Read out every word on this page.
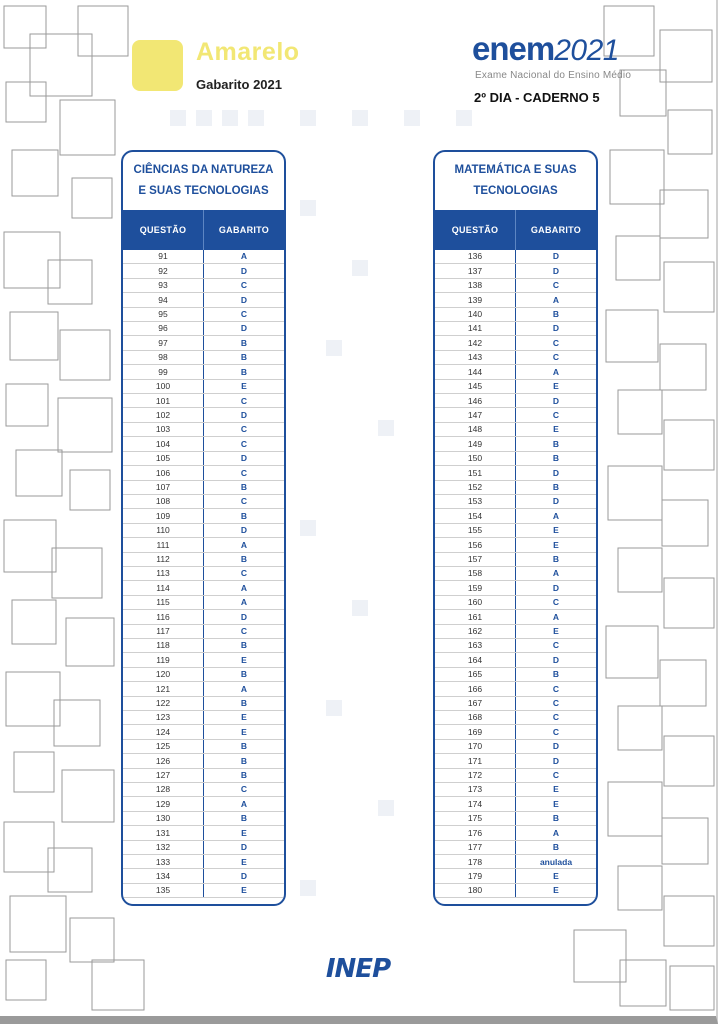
Amarelo
Gabarito 2021
enem2021
Exame Nacional do Ensino Médio
2º DIA - CADERNO 5
CIÊNCIAS DA NATUREZA
E SUAS TECNOLOGIAS
QUESTÃO	GABARITO
91	A
92	D
93	C
94	D
95	C
96	D
97	B
98	B
99	B
100	E
101	C
102	D
103	C
104	C
105	D
106	C
107	B
108	C
109	B
110	D
111	A
112	B
113	C
114	A
115	A
116	D
117	C
118	B
119	E
120	B
121	A
122	B
123	E
124	E
125	B
126	B
127	B
128	C
129	A
130	B
131	E
132	D
133	E
134	D
135	E
MATEMÁTICA E SUAS
TECNOLOGIAS
QUESTÃO	GABARITO
136	D
137	D
138	C
139	A
140	B
141	D
142	C
143	C
144	A
145	E
146	D
147	C
148	E
149	B
150	B
151	D
152	B
153	D
154	A
155	E
156	E
157	B
158	A
159	D
160	C
161	A
162	E
163	C
164	D
165	B
166	C
167	C
168	C
169	C
170	D
171	D
172	C
173	E
174	E
175	B
176	A
177	B
178	anulada
179	E
180	E
INEP
